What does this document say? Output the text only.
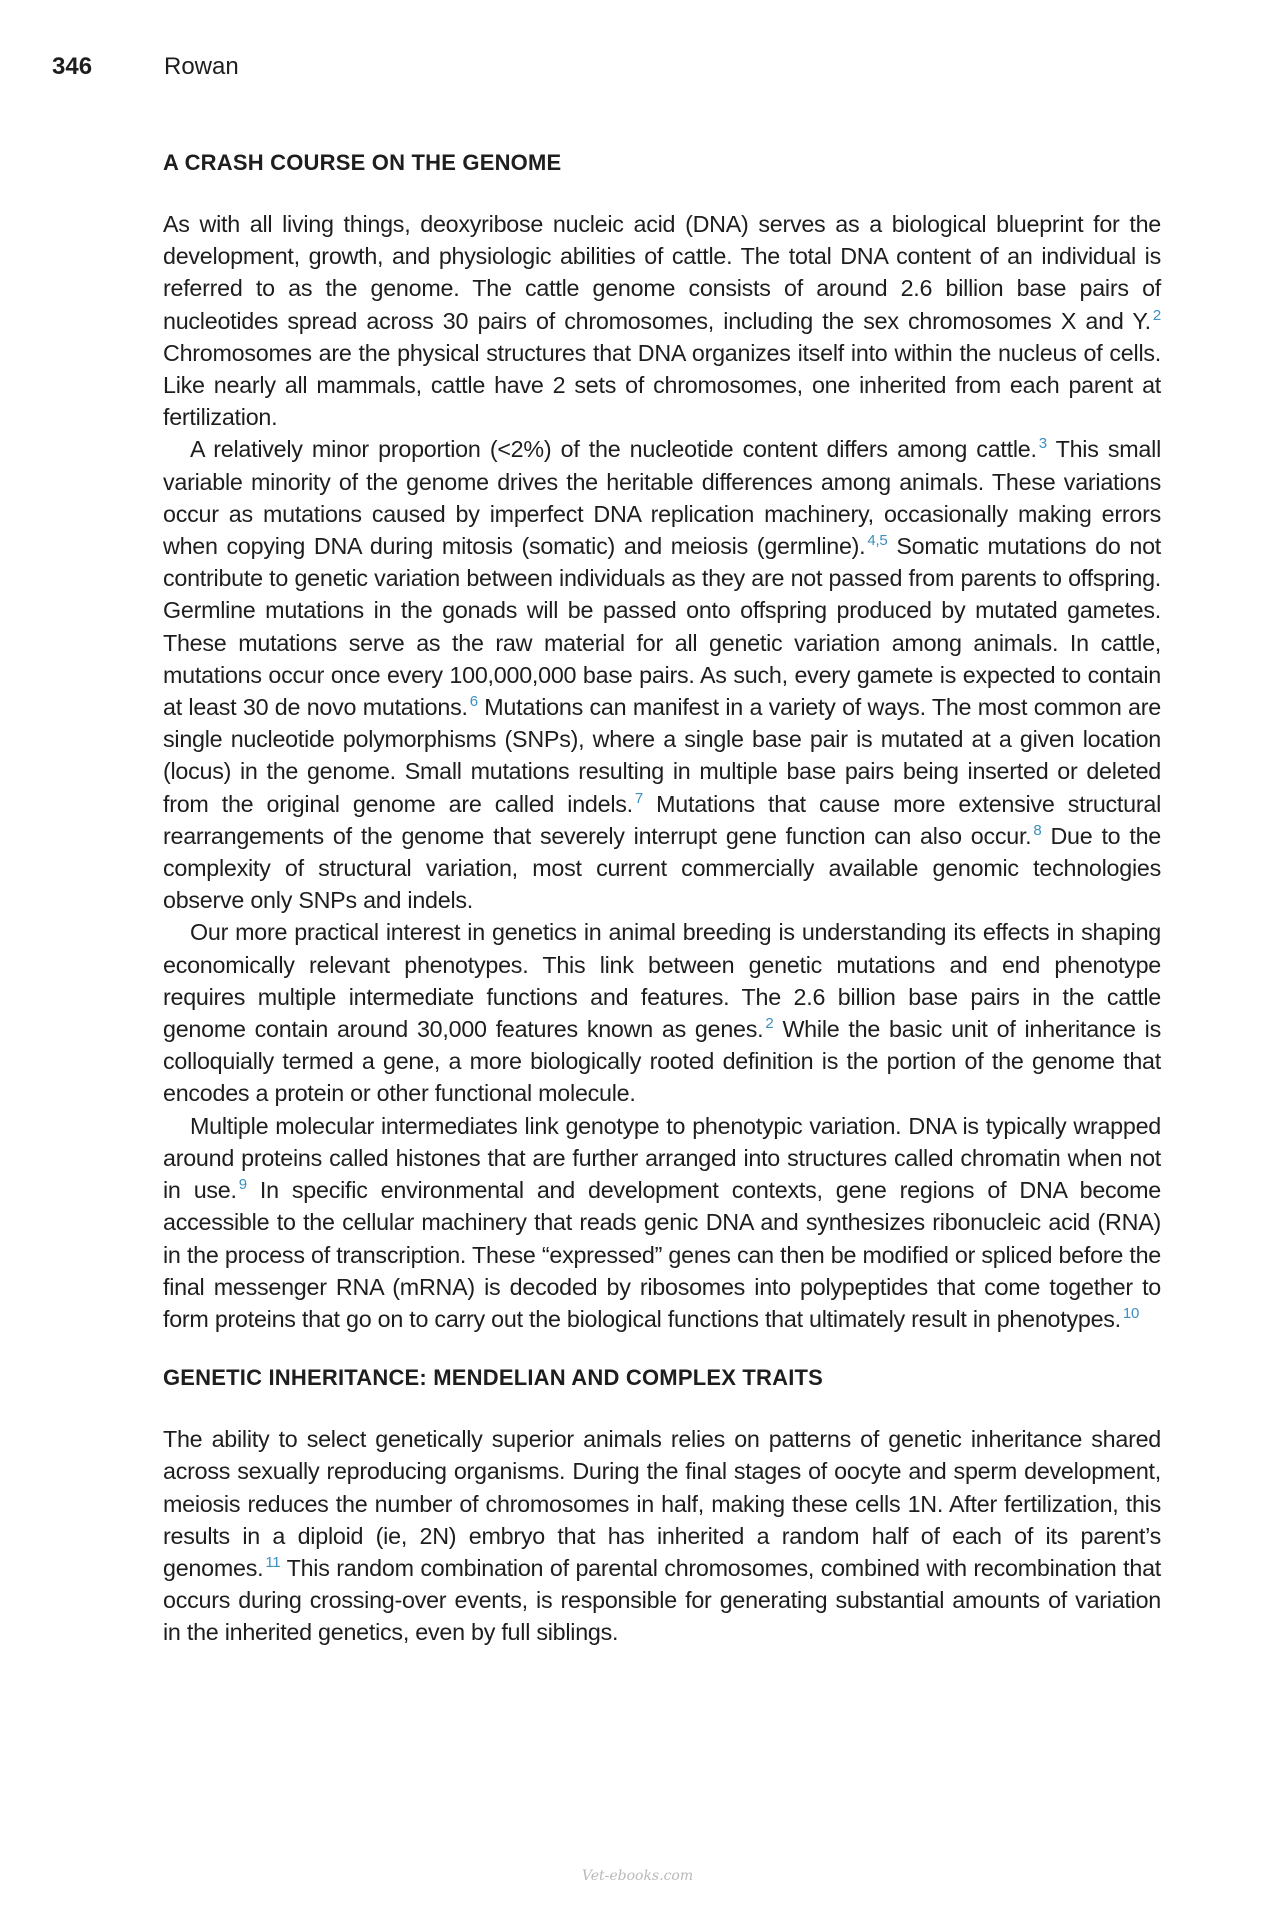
346	Rowan
A CRASH COURSE ON THE GENOME

As with all living things, deoxyribose nucleic acid (DNA) serves as a biological blueprint for the development, growth, and physiologic abilities of cattle. The total DNA content of an individual is referred to as the genome. The cattle genome consists of around 2.6 billion base pairs of nucleotides spread across 30 pairs of chromosomes, including the sex chromosomes X and Y. $^2$ Chromosomes are the physical structures that DNA organizes itself into within the nucleus of cells. Like nearly all mammals, cattle have 2 sets of chromosomes, one inherited from each parent at fertilization.

A relatively minor proportion (<2%) of the nucleotide content differs among cattle. $^3$ This small variable minority of the genome drives the heritable differences among animals. These variations occur as mutations caused by imperfect DNA replication machinery, occasionally making errors when copying DNA during mitosis (somatic) and meiosis (germline). $^{4,5}$ Somatic mutations do not contribute to genetic variation between individuals as they are not passed from parents to offspring. Germline mutations in the gonads will be passed onto offspring produced by mutated gametes. These mutations serve as the raw material for all genetic variation among animals. In cattle, mutations occur once every 100,000,000 base pairs. As such, every gamete is expected to contain at least 30 de novo mutations. $^6$ Mutations can manifest in a variety of ways. The most common are single nucleotide polymorphisms (SNPs), where a single base pair is mutated at a given location (locus) in the genome. Small mutations resulting in multiple base pairs being inserted or deleted from the original genome are called indels. $^7$ Mutations that cause more extensive structural rearrangements of the genome that severely interrupt gene function can also occur. $^8$ Due to the complexity of structural variation, most current commercially available genomic technologies observe only SNPs and indels.

Our more practical interest in genetics in animal breeding is understanding its effects in shaping economically relevant phenotypes. This link between genetic mutations and end phenotype requires multiple intermediate functions and features. The 2.6 billion base pairs in the cattle genome contain around 30,000 features known as genes. $^2$ While the basic unit of inheritance is colloquially termed a gene, a more biologically rooted definition is the portion of the genome that encodes a protein or other functional molecule.

Multiple molecular intermediates link genotype to phenotypic variation. DNA is typically wrapped around proteins called histones that are further arranged into structures called chromatin when not in use. $^9$ In specific environmental and development contexts, gene regions of DNA become accessible to the cellular machinery that reads genic DNA and synthesizes ribonucleic acid (RNA) in the process of transcription. These “expressed” genes can then be modified or spliced before the final messenger RNA (mRNA) is decoded by ribosomes into polypeptides that come together to form proteins that go on to carry out the biological functions that ultimately result in phenotypes. $^{10}$

GENETIC INHERITANCE: MENDELIAN AND COMPLEX TRAITS

The ability to select genetically superior animals relies on patterns of genetic inheritance shared across sexually reproducing organisms. During the final stages of oocyte and sperm development, meiosis reduces the number of chromosomes in half, making these cells 1N. After fertilization, this results in a diploid (ie, 2N) embryo that has inherited a random half of each of its parent’s genomes. $^{11}$ This random combination of parental chromosomes, combined with recombination that occurs during crossing-over events, is responsible for generating substantial amounts of variation in the inherited genetics, even by full siblings.

Vet-ebooks.com
